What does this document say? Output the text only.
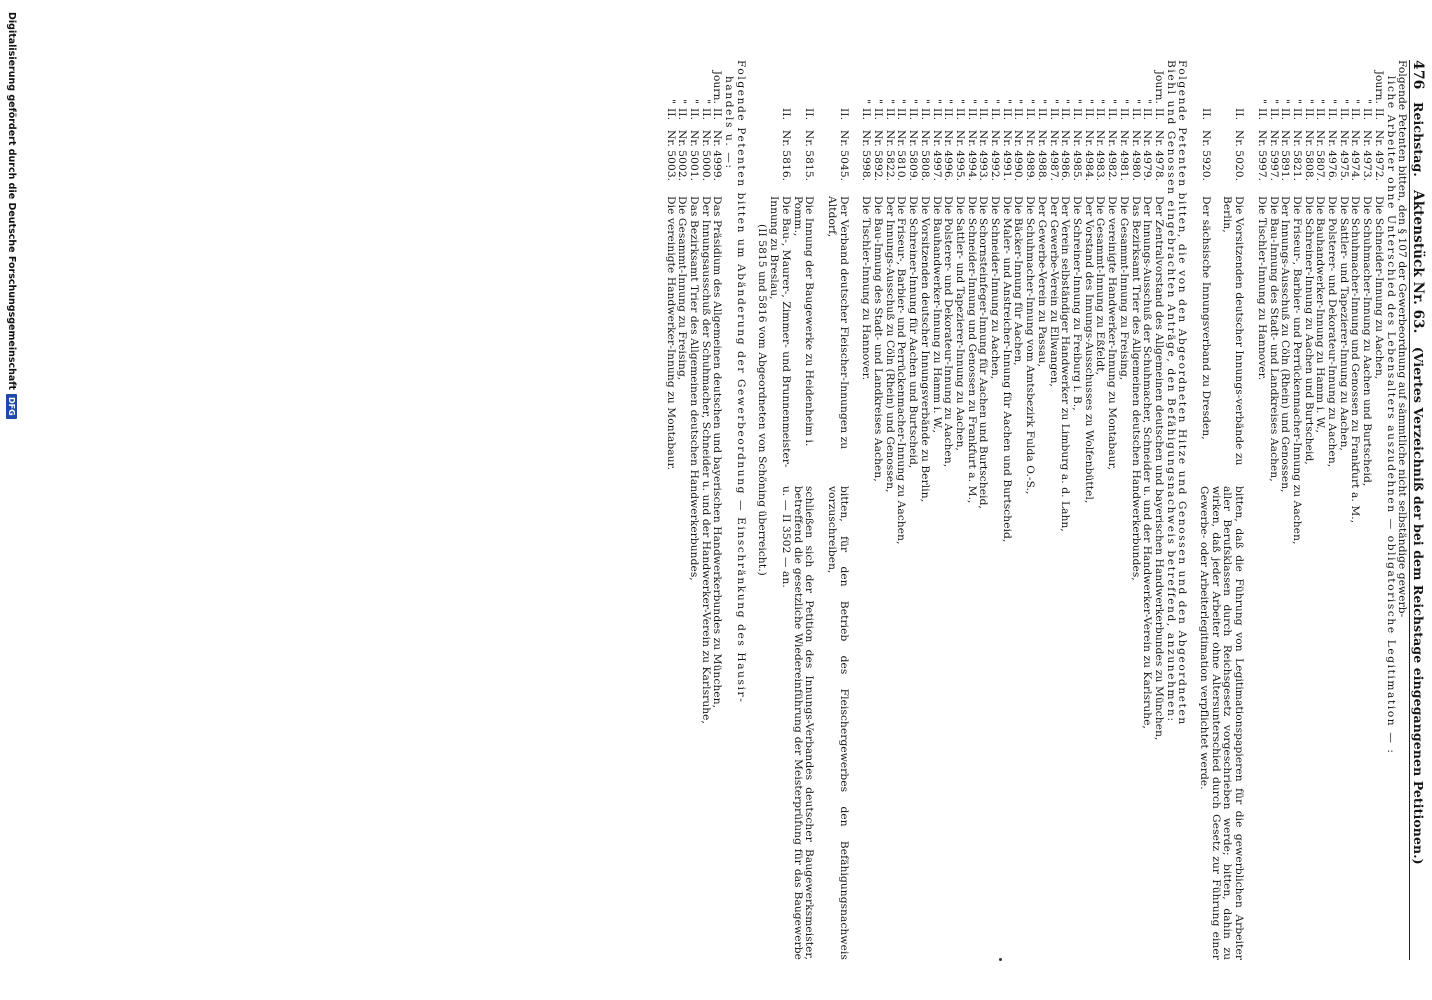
476
Reichstag.   Aktenstück Nr. 63.   (Viertes Verzeichniß der bei dem Reichstage eingegangenen Petitionen.)
Folgende Petenten bitten, den § 107 der Gewerbeordnung auf sämmtliche nicht selbständige gewerb-
liche Arbeiter ohne Unterschied des Lebensalters auszudehnen — obligatorische Legitimation — :
Journ.
II.
Nr. 4972.
Die Schneider-Innung zu Aachen,
"
II.
Nr. 4973.
Die Schuhmacher-Innung zu Aachen und Burtscheid,
"
II.
Nr. 4974.
Die Schuhmacher-Innung und Genossen zu Frankfurt a. M.,
"
II.
Nr. 4975.
Die Sattler- und Tapezierer-Innung zu Aachen,
"
II.
Nr. 4976.
Die Polsterer- und Dekorateur-Innung zu Aachen,
"
II.
Nr. 5807.
Die Bauhandwerker-Innung zu Hamm i. W.,
"
II.
Nr. 5808.
Die Schreiner-Innung zu Aachen und Burtscheid,
"
II.
Nr. 5821.
Die Friseur-, Barbier- und Perrückenmacher-Innung zu Aachen,
"
II.
Nr. 5891.
Der Innungs-Ausschuß zu Cöln (Rhein) und Genossen,
"
II.
Nr. 5997.
Die Bau-Innung des Stadt- und Landkreises Aachen,
"
II.
Nr. 5997.
Die Tischler-Innung zu Hannover.
II.
Nr. 5020.
Die Vorsitzenden deutscher Innungs-verbände zu Berlin,
II.
Nr. 5920.
Der sächsische Innungsverband zu Dresden,
bitten, daß die Führung von Legitimationspapieren für die gewerblichen Arbeiter aller Berufsklassen durch Reichsgesetz vorgeschrieben werde; bitten, dahin zu wirken, daß jeder Arbeiter ohne Altersunterschied durch Gesetz zur Führung einer Gewerbe- oder Arbeiterlegitimation verpflichtet werde.
Folgende Petenten bitten, die von den Abgeordneten Hitze und Genossen und den Abgeordneten
Biehl und Genossen eingebrachten Anträge, den Befähigungsnachweis betreffend, anzunehmen:
Journ.
II.
Nr. 4978.
Der Zentralvorstand des Allgemeinen deutschen und bayerischen Handwerkerbundes zu München,
"
II.
Nr. 4979.
Der Innungs-Ausschuß der Schuhmacher, Schneider u. und der Handwerker-Verein zu Karlsruhe,
"
II.
Nr. 4980.
Das Bezirksamt Trier des Allgemeinen deutschen Handwerkerbundes,
"
II.
Nr. 4981.
Die Gesammt-Innung zu Freising,
"
II.
Nr. 4982.
Die vereinigte Handwerker-Innung zu Montabaur,
"
II.
Nr. 4983.
Die Gesammt-Innung zu Eßfeldt,
"
II.
Nr. 4984.
Der Vorstand des Innungs-Ausschusses zu Wolfenbüttel,
"
II.
Nr. 4985.
Die Schreiner-Innung zu Freiburg i. B.,
"
II.
Nr. 4986.
Der Verein selbständiger Handwerker zu Limburg a. d. Lahn,
"
II.
Nr. 4987.
Der Gewerbe-Verein zu Ellwangen,
"
II.
Nr. 4988.
Der Gewerbe-Verein zu Passau,
"
II.
Nr. 4989.
Die Schuhmacher-Innung vom Amtsbezirk Fulda O.-S.,
"
II.
Nr. 4990.
Die Bäcker-Innung für Aachen,
"
II.
Nr. 4991.
Die Maler- und Anstreicher-Innung für Aachen und Burtscheid,
"
II.
Nr. 4992.
Die Schneider-Innung zu Aachen,
"
II.
Nr. 4993.
Die Schornsteinfeger-Innung für Aachen und Burtscheid,
"
II.
Nr. 4994.
Die Schneider-Innung und Genossen zu Frankfurt a. M.,
"
II.
Nr. 4995.
Die Sattler- und Tapezierer-Innung zu Aachen,
"
II.
Nr. 4996.
Die Polsterer- und Dekorateur-Innung zu Aachen,
"
II.
Nr. 4997.
Die Bauhandwerker-Innung zu Hamm i. W.,
"
II.
Nr. 5808.
Die Vorsitzenden deutscher Innungsverbände zu Berlin,
"
II.
Nr. 5809.
Die Schreiner-Innung für Aachen und Burtscheid,
"
II.
Nr. 5810.
Die Friseur-, Barbier- und Perrückenmacher-Innung zu Aachen,
"
II.
Nr. 5822.
Der Innungs-Ausschuß zu Cöln (Rhein) und Genossen,
"
II.
Nr. 5892.
Die Bau-Innung des Stadt- und Landkreises Aachen,
"
II.
Nr. 5998.
Die Tischler-Innung zu Hannover.
II.
Nr. 5045.
Der Verband deutscher Fleischer-Innungen zu Altdorf,
bitten, für den Betrieb des Fleischergewerbes den Befähigungsnachweis vorzuschreiben,
II.
Nr. 5815.
Die Innung der Baugewerke zu Heidenheim i. Pomm.,
II.
Nr. 5816.
Die Bau-, Maurer-, Zimmer- und Brunnenmeister-Innung zu Breslau,
schließen sich der Petition des Innungs-Verbandes deutscher Baugewerksmeister, betreffend die gesetzliche Wiedereinführung der Meisterprüfung für das Baugewerbe u. — II 3502 — an.
(II 5815 und 5816 vom Abgeordneten von Schöning überreicht.)
Folgende Petenten bitten um Abänderung der Gewerbeordnung — Einschränkung des Hausir-
handels u. —:
Journ.
II.
Nr. 4999.
Das Präsidium des Allgemeinen deutschen und bayerischen Handwerkerbundes zu München,
"
II.
Nr. 5000.
Der Innungsausschuß der Schuhmacher, Schneider u. und der Handwerker-Verein zu Karlsruhe,
"
II.
Nr. 5001.
Das Bezirksamt Trier des Allgemeinen deutschen Handwerkerbundes,
"
II.
Nr. 5002.
Die Gesammt-Innung zu Freising,
"
II.
Nr. 5003.
Die vereinigte Handwerker-Innung zu Montabaur.
Digitalisierung gefördert durch die Deutsche Forschungsgemeinschaft
DFG
